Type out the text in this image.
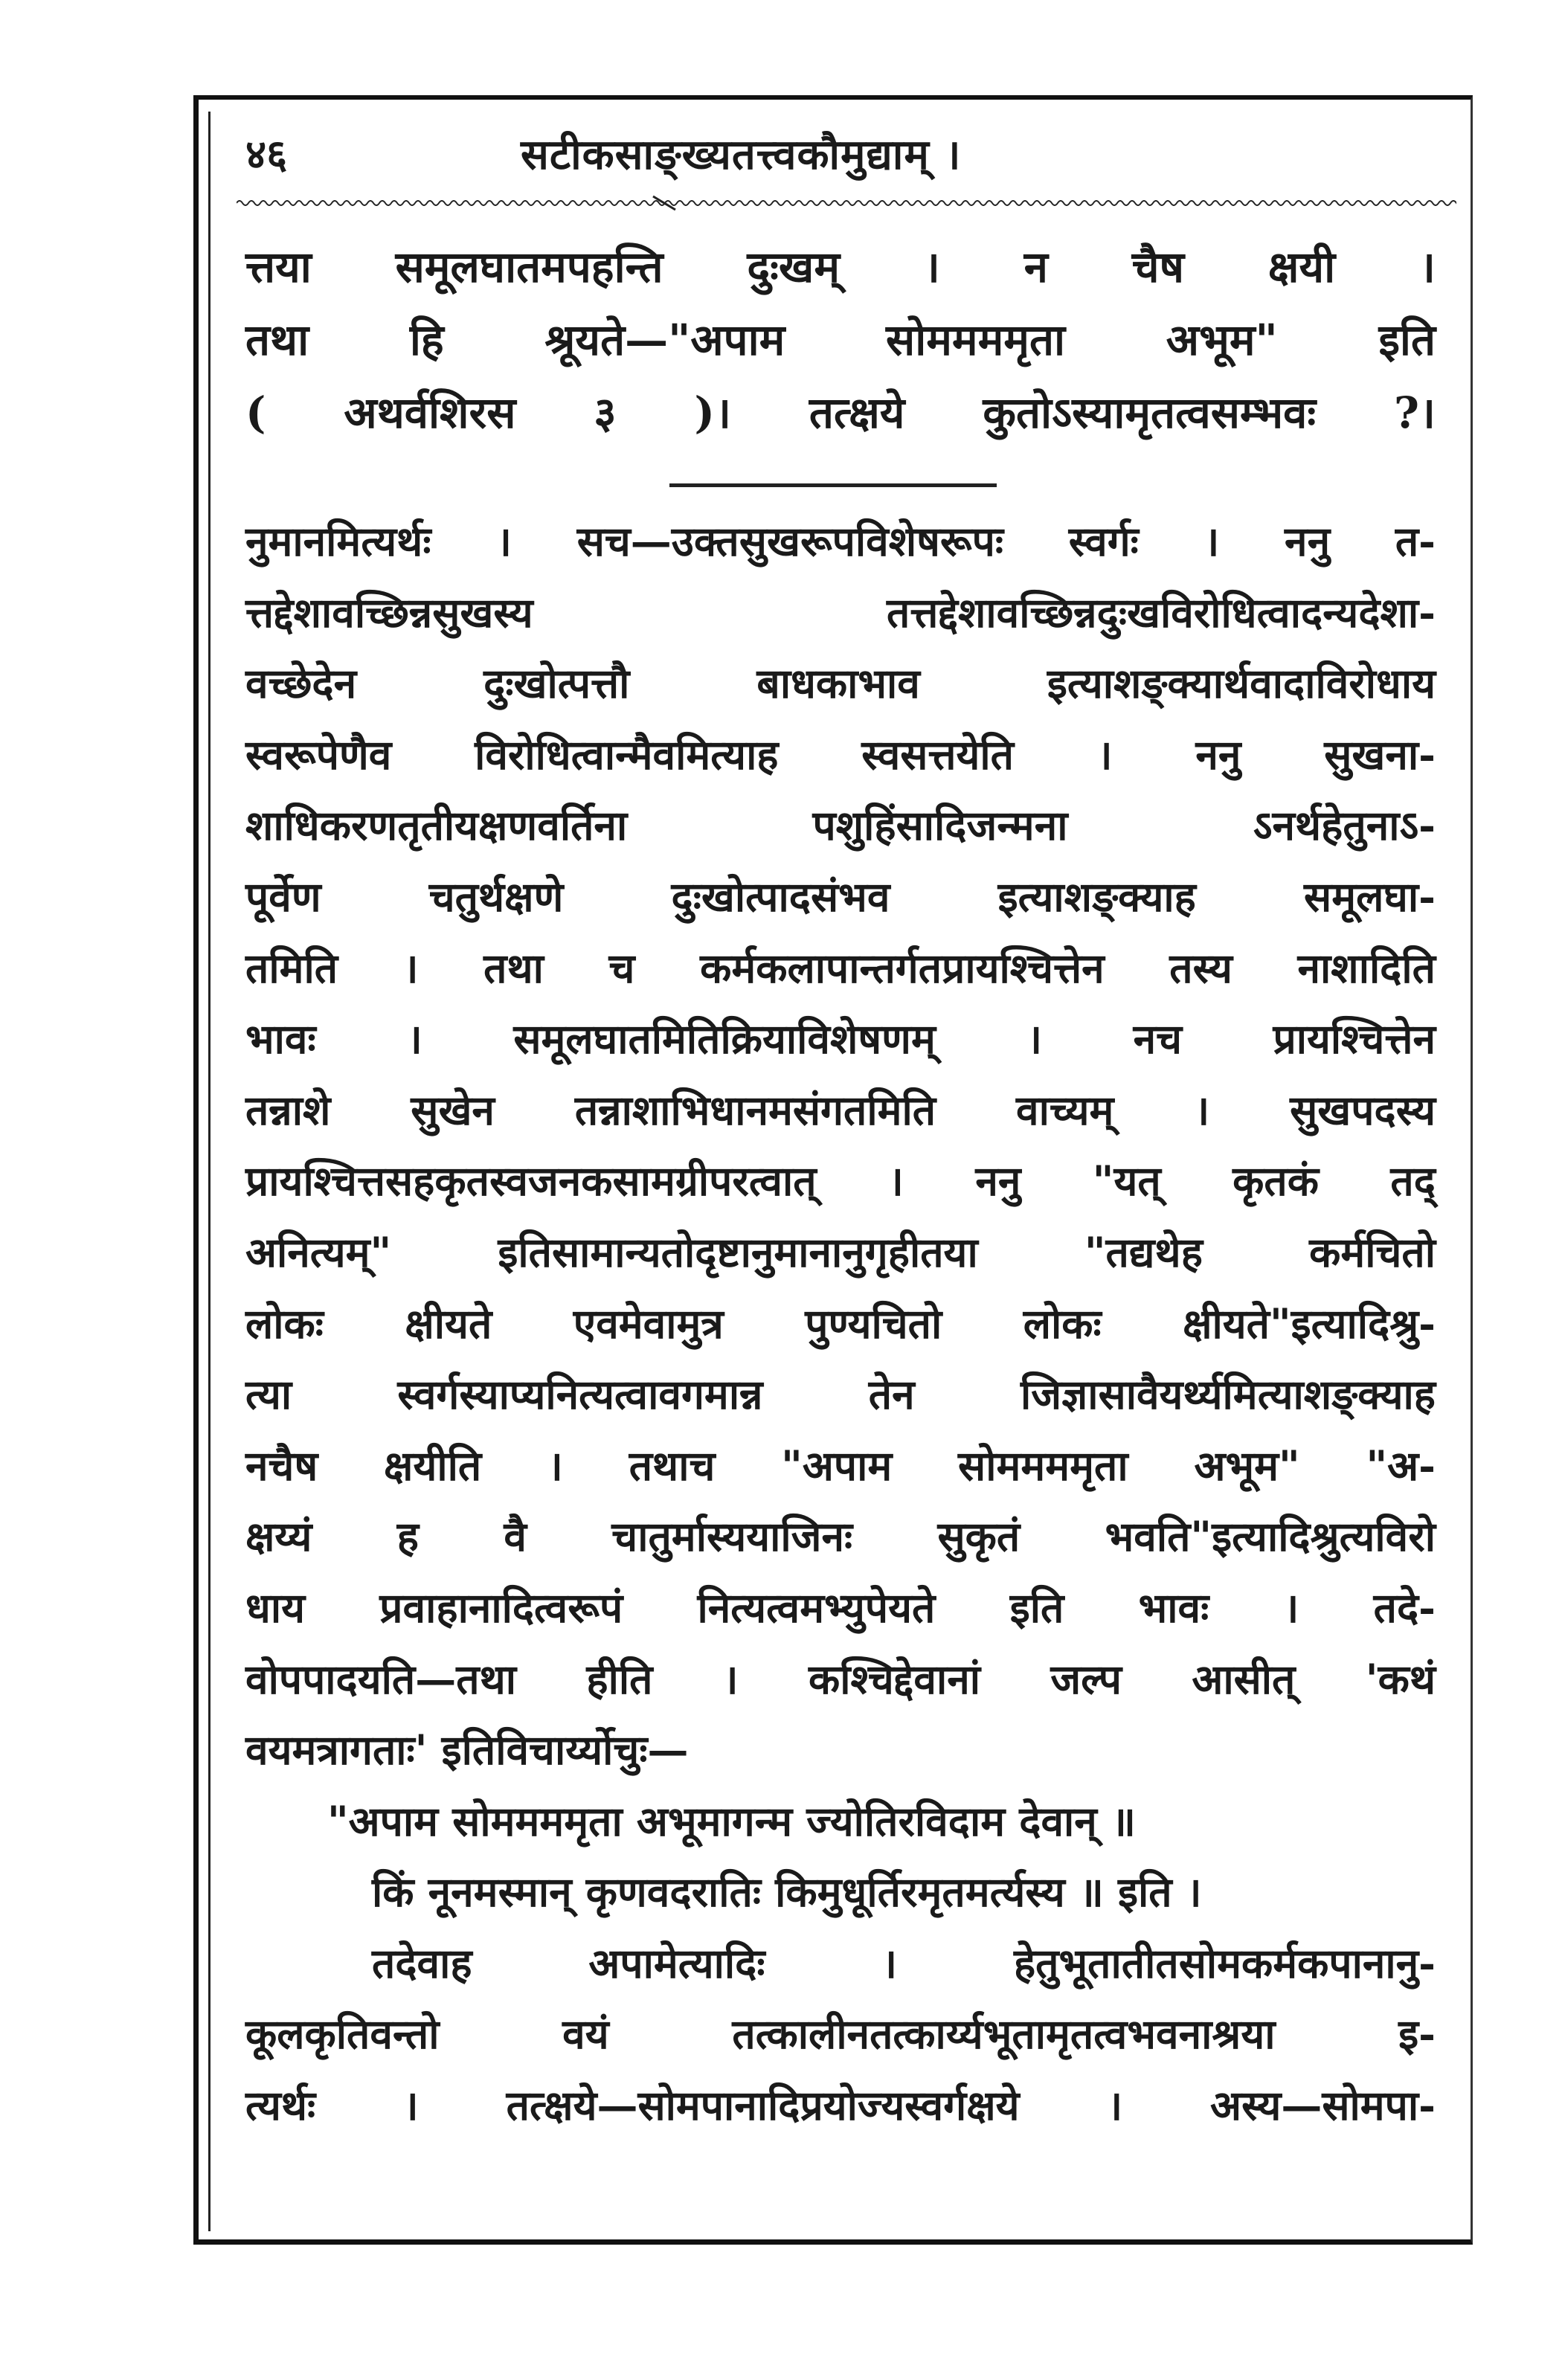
४६	सटीकसाङ्ख्यतत्त्वकौमुद्याम् ।
त्तया समूलघातमपहन्ति दुःखम् । न चैष क्षयी ।
तथा हि श्रूयते—"अपाम सोममममृता अभूम" इति
( अथर्वशिरस ३ )। तत्क्षये कुतोऽस्यामृतत्वसम्भवः ?।
नुमानमित्यर्थः । सच—उक्तसुखरूपविशेषरूपः स्वर्गः । ननु त-
त्तद्देशावच्छिन्नसुखस्य तत्तद्देशावच्छिन्नदुःखविरोधित्वादन्यदेशा-
वच्छेदेन दुःखोत्पत्तौ बाधकाभाव इत्याशङ्क्यार्थवादाविरोधाय
स्वरूपेणैव विरोधित्वान्मैवमित्याह स्वसत्तयेति । ननु सुखना-
शाधिकरणतृतीयक्षणवर्तिना पशुहिंसादिजन्मना ऽनर्थहेतुनाऽ-
पूर्वेण चतुर्थक्षणे दुःखोत्पादसंभव इत्याशङ्क्याह समूलघा-
तमिति । तथा च कर्मकलापान्तर्गतप्रायश्चित्तेन तस्य नाशादिति
भावः । समूलघातमितिक्रियाविशेषणम् । नच प्रायश्चित्तेन
तन्नाशे सुखेन तन्नाशाभिधानमसंगतमिति वाच्यम् । सुखपदस्य
प्रायश्चित्तसहकृतस्वजनकसामग्रीपरत्वात् । ननु "यत् कृतकं तद्
अनित्यम्" इतिसामान्यतोदृष्टानुमानानुगृहीतया "तद्यथेह कर्मचितो
लोकः क्षीयते एवमेवामुत्र पुण्यचितो लोकः क्षीयते"इत्यादिश्रु-
त्या स्वर्गस्याप्यनित्यत्वावगमान्न तेन जिज्ञासावैयर्थ्यमित्याशङ्क्याह
नचैष क्षयीति । तथाच "अपाम सोममममृता अभूम" "अ-
क्षय्यं ह वै चातुर्मास्ययाजिनः सुकृतं भवति"इत्यादिश्रुत्यविरो
धाय प्रवाहानादित्वरूपं नित्यत्वमभ्युपेयते इति भावः । तदे-
वोपपादयति—तथा हीति । कश्चिद्देवानां जल्प आसीत् 'कथं
वयमत्रागताः' इतिविचार्य्योचुः—
"अपाम सोममममृता अभूमागन्म ज्योतिरविदाम देवान् ॥
किं नूनमस्मान् कृणवदरातिः किमुधूर्तिरमृतमर्त्यस्य ॥ इति ।
तदेवाह अपामेत्यादिः । हेतुभूतातीतसोमकर्मकपानानु-
कूलकृतिवन्तो वयं तत्कालीनतत्कार्य्यभूतामृतत्वभवनाश्रया इ-
त्यर्थः । तत्क्षये—सोमपानादिप्रयोज्यस्वर्गक्षये । अस्य—सोमपा-
